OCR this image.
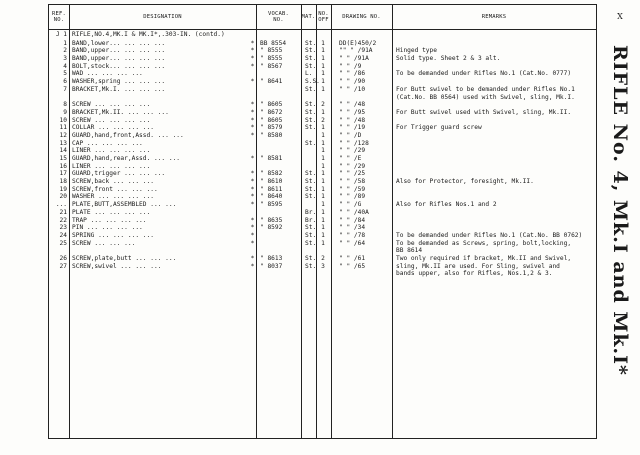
X
REF.
NO.	DESIGNATION	VOCAB.
NO.	MAT. NO.
OFF	DRAWING NO.	REMARKS
J 1 RIFLE,NO.4,MK.I & MK.I*,.303-IN. (contd.)
1 BAND,lower... ... ... ...	* BB 8554	St. 1	DD(E)450/2
2 BAND,upper... ... ... ...	* " 8555	St. 1	"" " /91A	Hinged type
3 BAND,upper... ... ... ...	* " 8555	St. 1	" " /91A	Solid type. Sheet 2 & 3 alt.
4 BOLT,stock... ... ... ...	* " 8567	St. 1	" " /9
5 WAD ... ... ... ...	L.	1	" " /86	To be demanded under Rifles No.1 (Cat.No. 0777)
6 WASHER,spring ... ... ...	* " 8641	S.S. 1	" " /90
7 BRACKET,Mk.I. ... ... ...	St. 1	" " /10	For Butt swivel to be demanded under Rifles No.1
(Cat.No. BB 0564) used with Swivel, sling, Mk.I.
8 SCREW ... ... ... ...	* " 8605	St. 2	" " /48
9 BRACKET,Mk.II. ... ... ...	* " 8672	St. 1	" " /95	For Butt swivel used with Swivel, sling, Mk.II.
10 SCREW ... ... ... ...	* " 8605	St. 2	" " /48
11 COLLAR ... ... ... ...	* " 8579	St. 1	" " /19	For Trigger guard screw
12 GUARD,hand,front,Assd. ... ...	* " 8580	1	" " /D
13 CAP ... ... ... ...	St. 1	" " /128
14 LINER ... ... ... ...	1	" " /29
15 GUARD,hand,rear,Assd. ... ...	* " 8581	1	" " /E
16 LINER ... ... ... ...	1	" " /29
17 GUARD,trigger ... ... ...	* " 8582	St. 1	" " /25
18 SCREW,back ... ... ...	* " 8610	St. 1	" " /58	Also for Protector, foresight, Mk.II.
19 SCREW,front ... ... ...	* " 8611	St. 1	" " /59
20 WASHER ... ... ... ...	* " 8640	St. 1	" " /89
... PLATE,BUTT,ASSEMBLED ... ...	* " 8595	1	" " /G	Also for Rifles Nos.1 and 2
21 PLATE ... ... ... ...	Br. 1	" " /40A
22 TRAP ... ... ... ...	* " 8635	Br. 1	" " /84
23 PIN ... ... ... ...	* " 8592	St. 1	" " /34
24 SPRING ... ... ... ...	*	St. 1	" " /78	To be demanded under Rifles No.1 (Cat.No. BB 0762)
25 SCREW ... ... ...	*	St. 1	" " /64	To be demanded as Screws, spring, bolt,locking,
BB 8614
26 SCREW,plate,butt ... ... ...	* " 8613	St. 2	" " /61	Two only required if bracket, Mk.II and Swivel,
27 SCREW,swivel ... ... ...	* " 8037	St. 3	" " /65	sling, Mk.II are used. For Sling, swivel and
bands upper, also for Rifles, Nos.1,2 & 3.	RIFLE No. 4, Mk.I and Mk.I*
